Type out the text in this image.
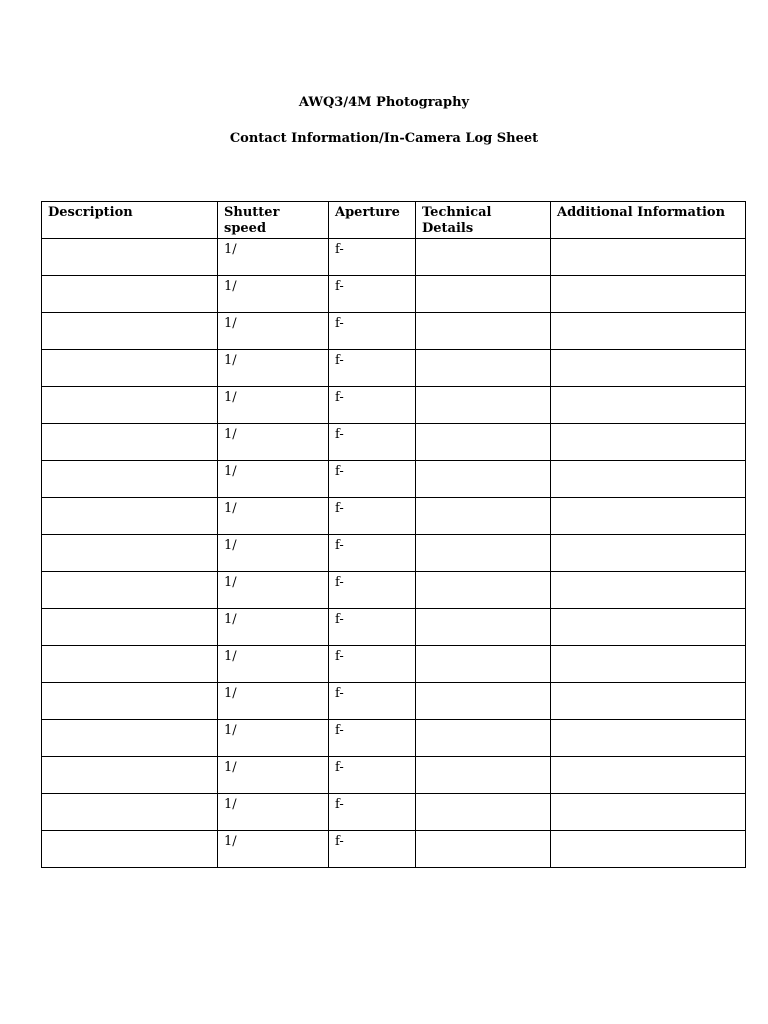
AWQ3/4M Photography
Contact Information/In-Camera Log Sheet
Description	Shutter speed	Aperture	Technical Details	Additional Information
	1/	f-		
	1/	f-		
	1/	f-		
	1/	f-		
	1/	f-		
	1/	f-		
	1/	f-		
	1/	f-		
	1/	f-		
	1/	f-		
	1/	f-		
	1/	f-		
	1/	f-		
	1/	f-		
	1/	f-		
	1/	f-		
	1/	f-		
